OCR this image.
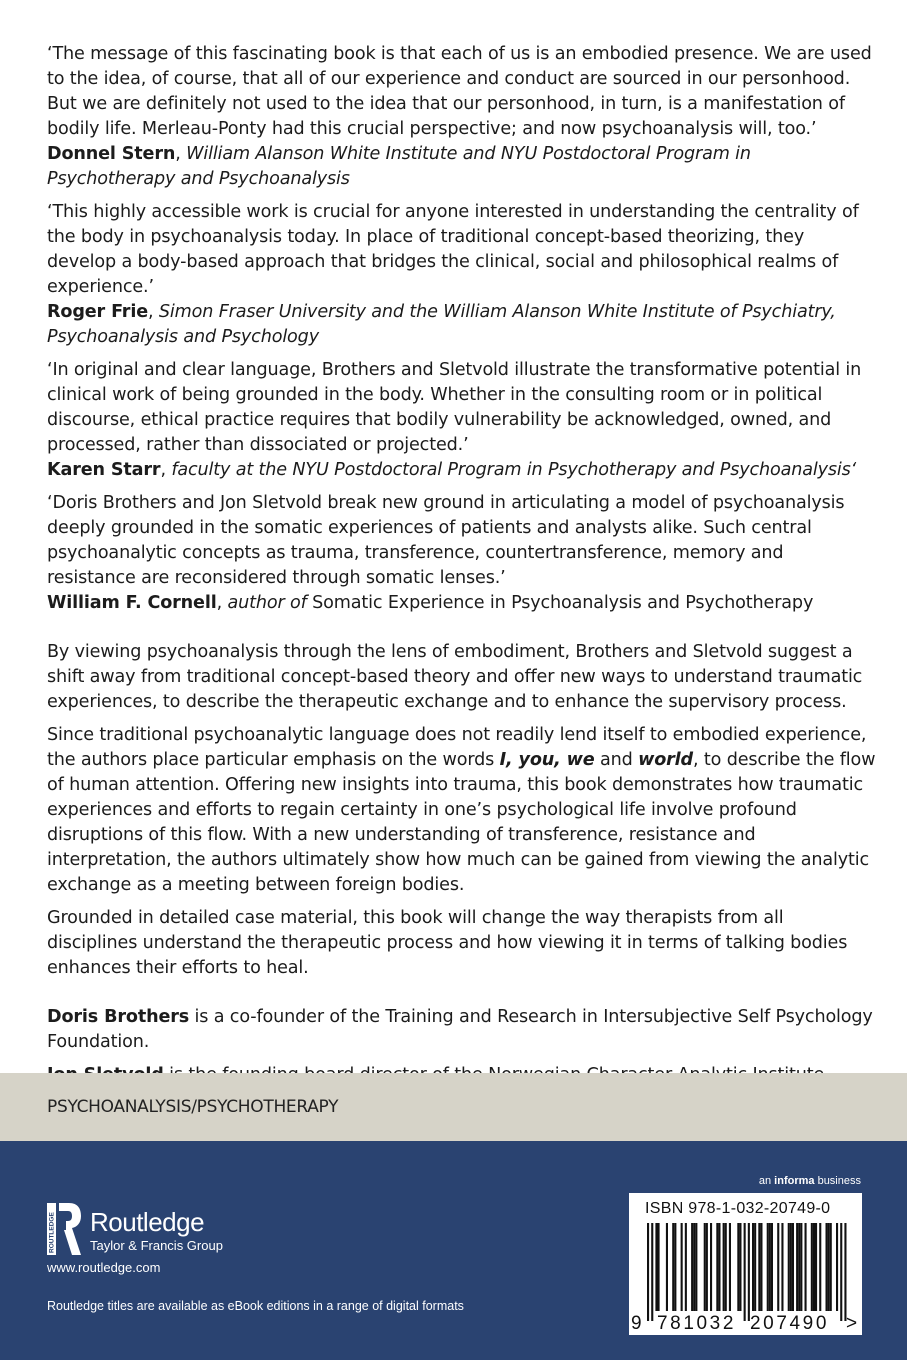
‘The message of this fascinating book is that each of us is an embodied presence. We are used to the idea, of course, that all of our experience and conduct are sourced in our personhood. But we are definitely not used to the idea that our personhood, in turn, is a manifestation of bodily life. Merleau-Ponty had this crucial perspective; and now psychoanalysis will, too.’
Donnel Stern, William Alanson White Institute and NYU Postdoctoral Program in Psychotherapy and Psychoanalysis
‘This highly accessible work is crucial for anyone interested in understanding the centrality of the body in psychoanalysis today. In place of traditional concept-based theorizing, they develop a body-based approach that bridges the clinical, social and philosophical realms of experience.’
Roger Frie, Simon Fraser University and the William Alanson White Institute of Psychiatry, Psychoanalysis and Psychology
‘In original and clear language, Brothers and Sletvold illustrate the transformative potential in clinical work of being grounded in the body. Whether in the consulting room or in political discourse, ethical practice requires that bodily vulnerability be acknowledged, owned, and processed, rather than dissociated or projected.’
Karen Starr, faculty at the NYU Postdoctoral Program in Psychotherapy and Psychoanalysis‘
‘Doris Brothers and Jon Sletvold break new ground in articulating a model of psychoanalysis deeply grounded in the somatic experiences of patients and analysts alike. Such central psychoanalytic concepts as trauma, transference, countertransference, memory and resistance are reconsidered through somatic lenses.’
William F. Cornell, author of Somatic Experience in Psychoanalysis and Psychotherapy

By viewing psychoanalysis through the lens of embodiment, Brothers and Sletvold suggest a shift away from traditional concept-based theory and offer new ways to understand traumatic experiences, to describe the therapeutic exchange and to enhance the supervisory process.

Since traditional psychoanalytic language does not readily lend itself to embodied experience, the authors place particular emphasis on the words I, you, we and world, to describe the flow of human attention. Offering new insights into trauma, this book demonstrates how traumatic experiences and efforts to regain certainty in one’s psychological life involve profound disruptions of this flow. With a new understanding of transference, resistance and interpretation, the authors ultimately show how much can be gained from viewing the analytic exchange as a meeting between foreign bodies.

Grounded in detailed case material, this book will change the way therapists from all disciplines understand the therapeutic process and how viewing it in terms of talking bodies enhances their efforts to heal.

Doris Brothers is a co-founder of the Training and Research in Intersubjective Self Psychology Foundation.

PSYCHOANALYSIS/PSYCHOTHERAPY
ROUTLEDGE Routledge
Taylor & Francis Group
www.routledge.com
Routledge titles are available as eBook editions in a range of digital formats
an informa business
9 781032 207490 >
ISBN 978-1-032-20749-0
